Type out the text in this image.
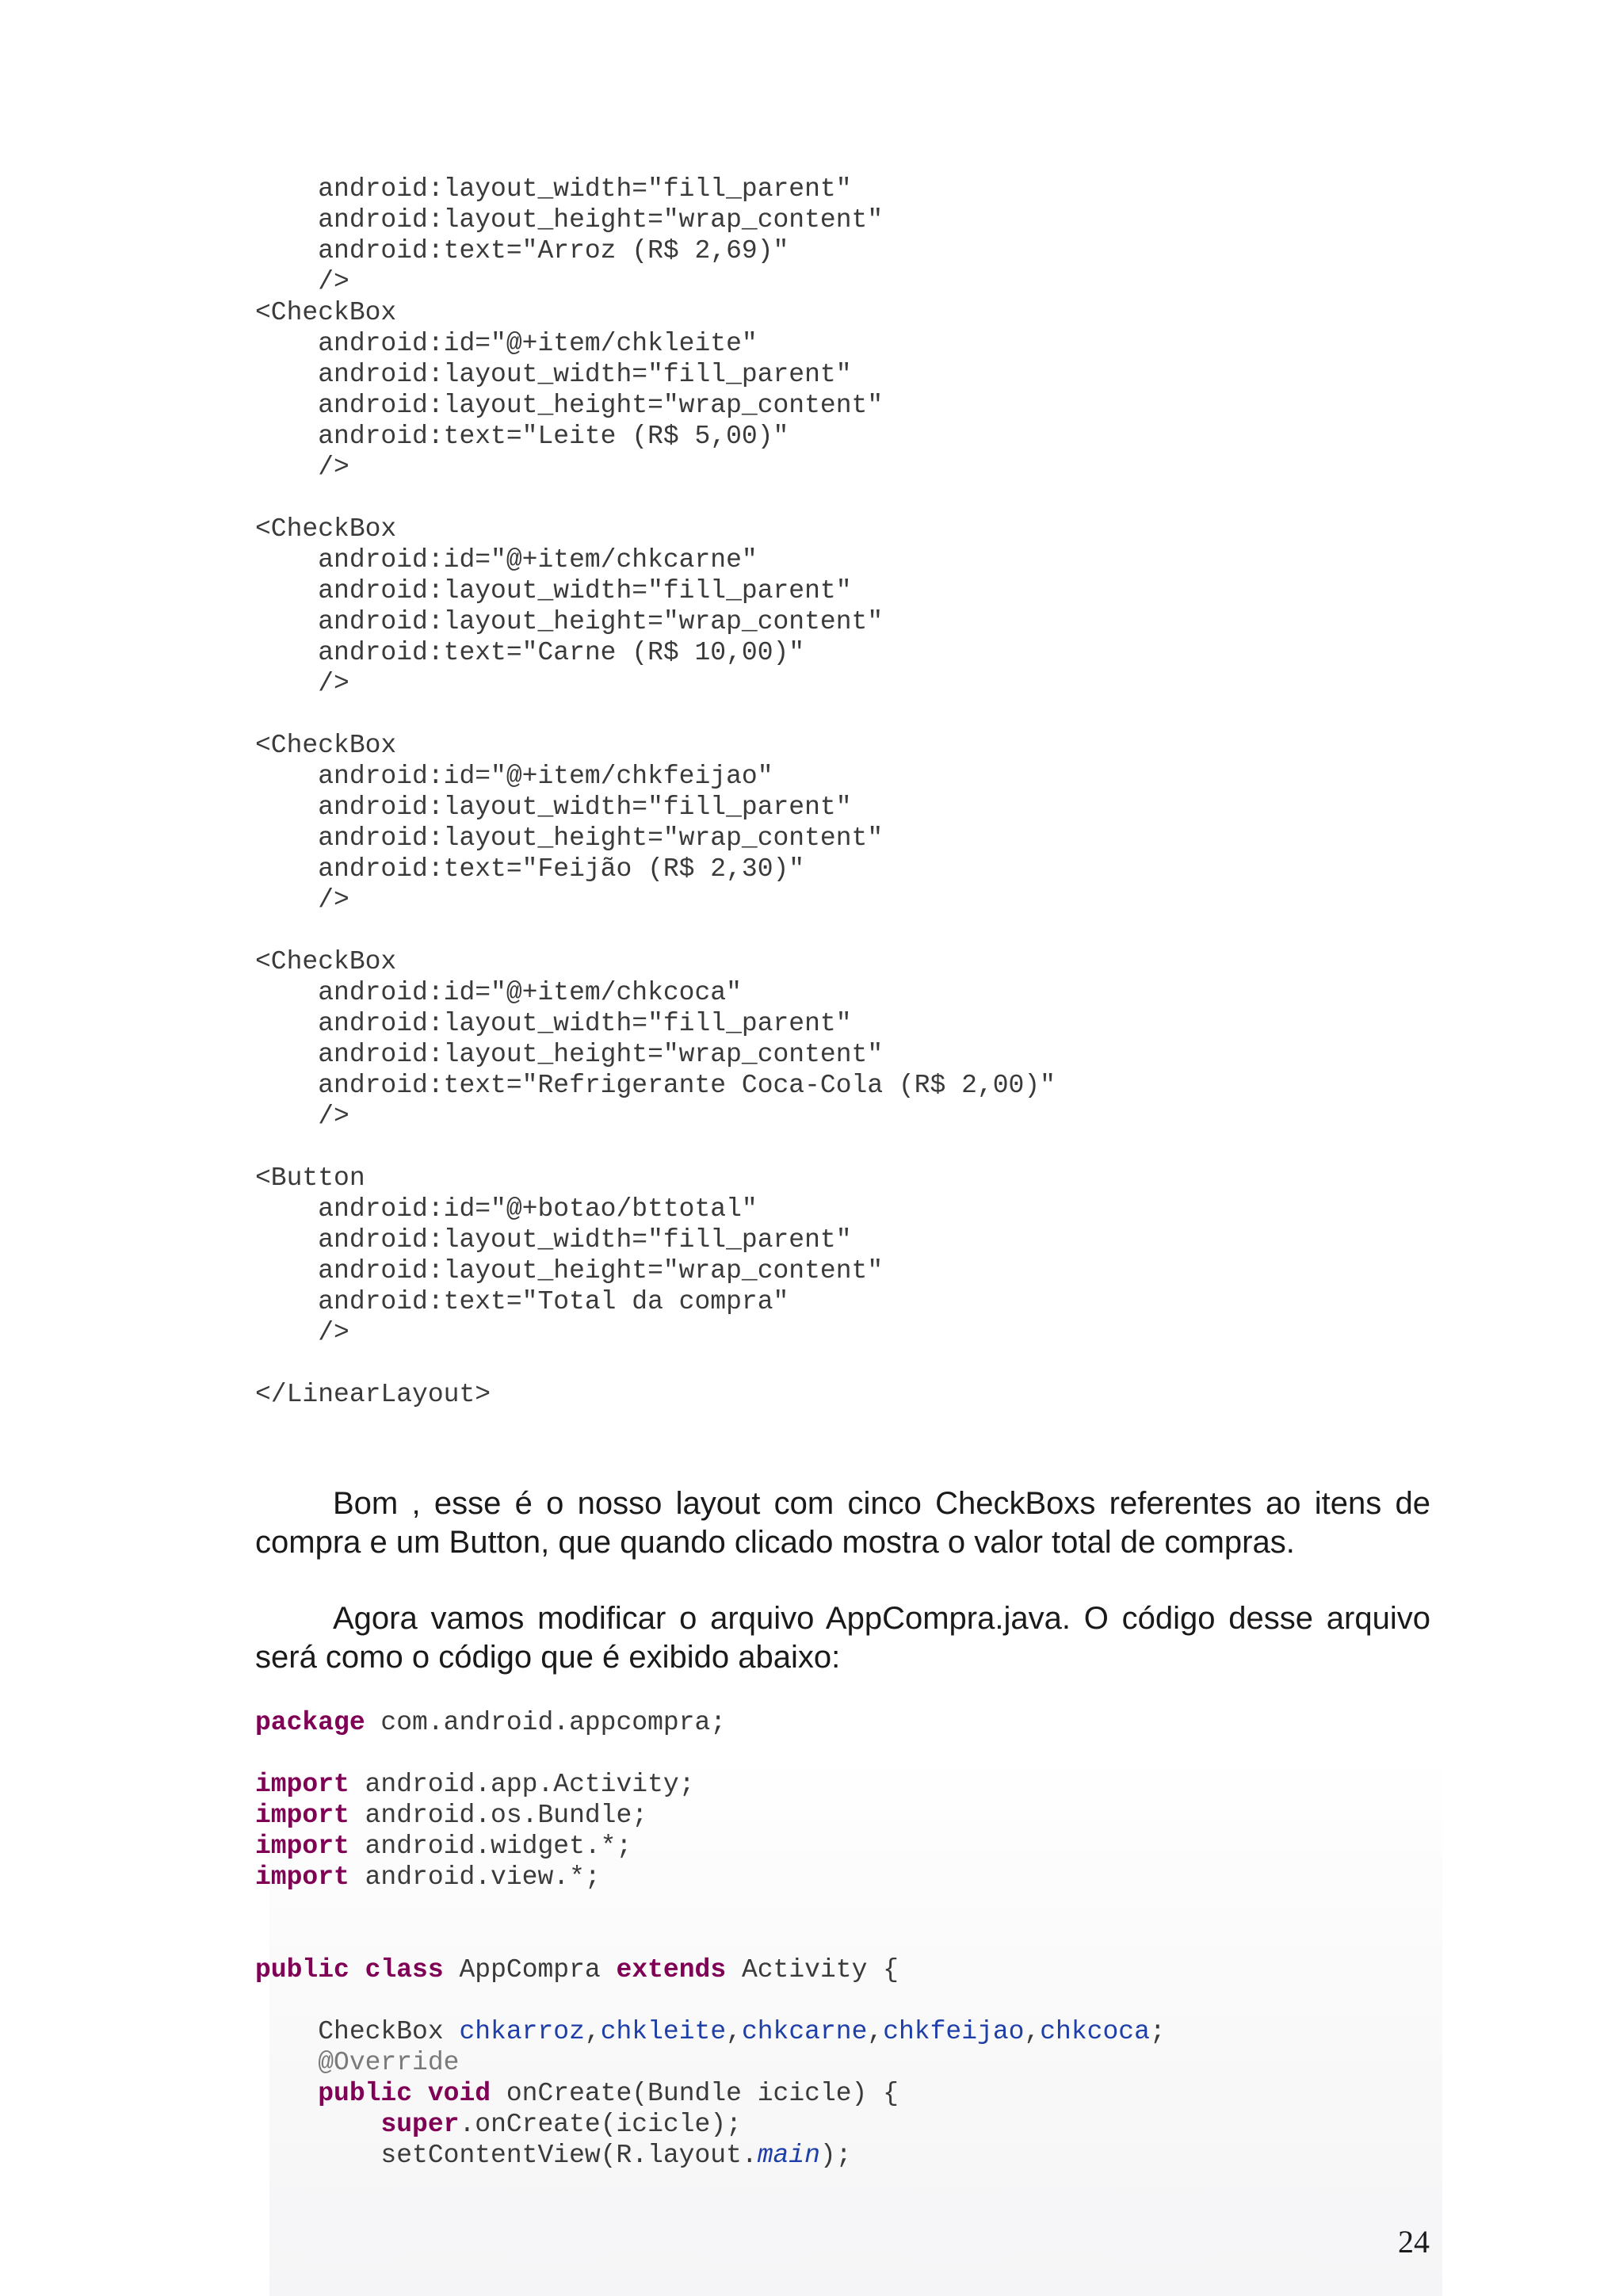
android:layout_width="fill_parent"
android:layout_height="wrap_content"
android:text="Arroz (R$ 2,69)"
/>
<CheckBox
android:id="@+item/chkleite"
android:layout_width="fill_parent"
android:layout_height="wrap_content"
android:text="Leite (R$ 5,00)"
/>
<CheckBox
android:id="@+item/chkcarne"
android:layout_width="fill_parent"
android:layout_height="wrap_content"
android:text="Carne (R$ 10,00)"
/>
<CheckBox
android:id="@+item/chkfeijao"
android:layout_width="fill_parent"
android:layout_height="wrap_content"
android:text="Feijão (R$ 2,30)"
/>
<CheckBox
android:id="@+item/chkcoca"
android:layout_width="fill_parent"
android:layout_height="wrap_content"
android:text="Refrigerante Coca-Cola (R$ 2,00)"
/>
<Button
android:id="@+botao/bttotal"
android:layout_width="fill_parent"
android:layout_height="wrap_content"
android:text="Total da compra"
/>
</LinearLayout>

Bom , esse é o nosso layout com cinco CheckBoxs referentes ao itens de compra e um Button, que quando clicado mostra o valor total de compras.

Agora vamos modificar o arquivo AppCompra.java. O código desse arquivo será como o código que é exibido abaixo:

package com.android.appcompra;
import android.app.Activity;
import android.os.Bundle;
import android.widget.*;
import android.view.*;
public class AppCompra extends Activity {
CheckBox chkarroz,chkleite,chkcarne,chkfeijao,chkcoca;
@Override
public void onCreate(Bundle icicle) {
super.onCreate(icicle);
setContentView(R.layout.main);
24
